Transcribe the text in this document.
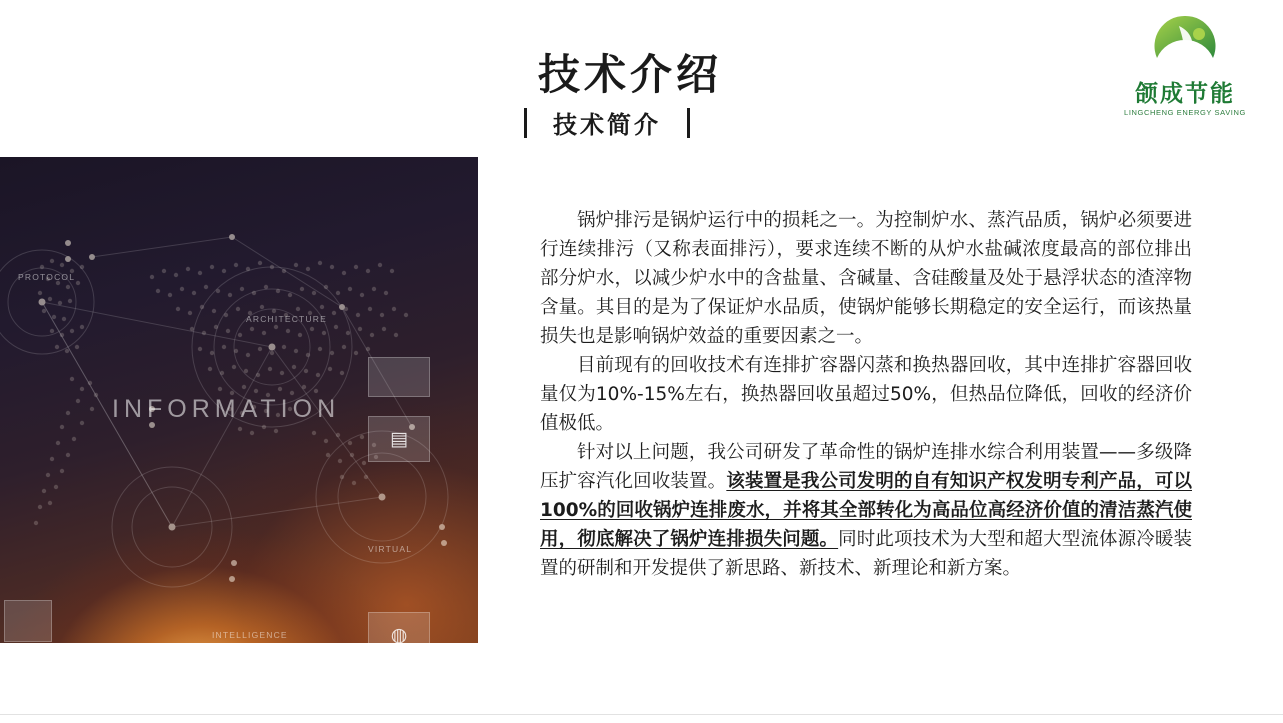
INFORMATION
PROTOCOL
ARCHITECTURE
VIRTUAL
INTELLIGENCE
▤
◍
技术介绍
技术简介
颌成节能
LINGCHENG ENERGY SAVING

锅炉排污是锅炉运行中的损耗之一。为控制炉水、蒸汽品质，锅炉必须要进行连续排污（又称表面排污），要求连续不断的从炉水盐碱浓度最高的部位排出部分炉水，以减少炉水中的含盐量、含碱量、含硅酸量及处于悬浮状态的渣滓物含量。其目的是为了保证炉水品质，使锅炉能够长期稳定的安全运行，而该热量损失也是影响锅炉效益的重要因素之一。

目前现有的回收技术有连排扩容器闪蒸和换热器回收，其中连排扩容器回收量仅为10%-15%左右，换热器回收虽超过50%，但热品位降低，回收的经济价值极低。

针对以上问题，我公司研发了革命性的锅炉连排水综合利用装置——多级降压扩容汽化回收装置。该装置是我公司发明的自有知识产权发明专利产品，可以100%的回收锅炉连排废水，并将其全部转化为高品位高经济价值的清洁蒸汽使用，彻底解决了锅炉连排损失问题。同时此项技术为大型和超大型流体源冷暖装置的研制和开发提供了新思路、新技术、新理论和新方案。
